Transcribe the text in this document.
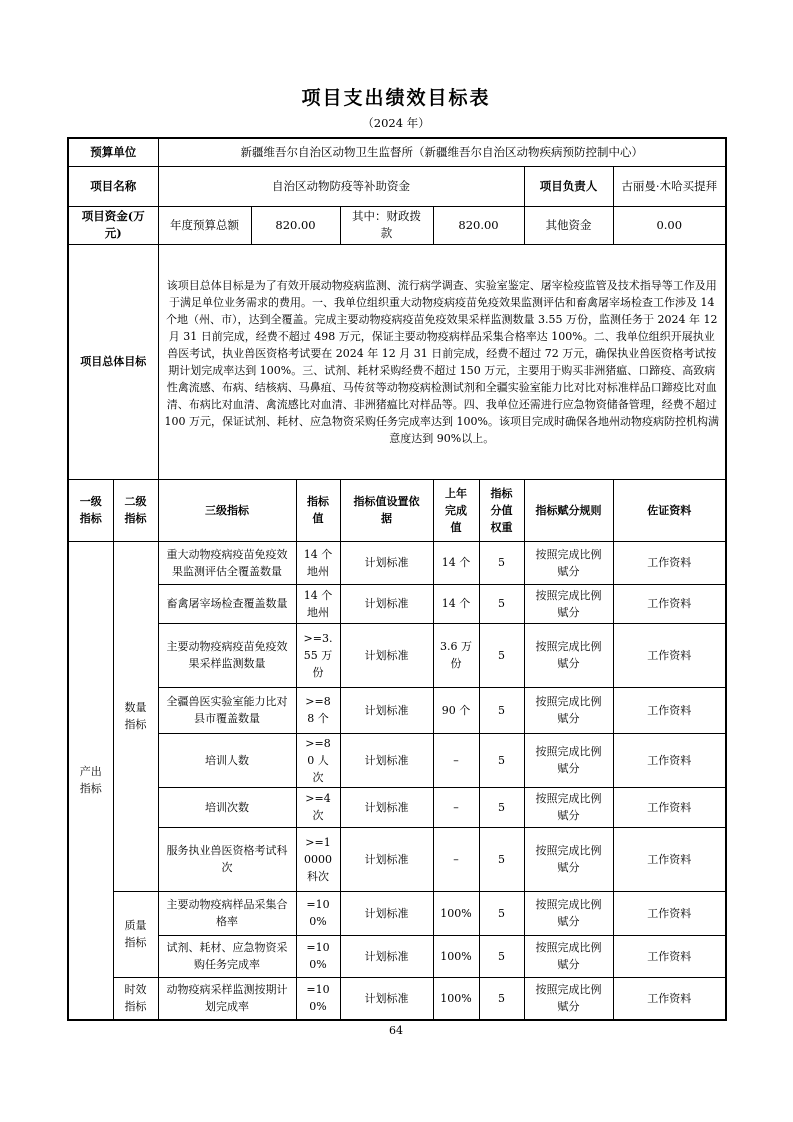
项目支出绩效目标表
（2024 年）
预算单位		新疆维吾尔自治区动物卫生监督所（新疆维吾尔自治区动物疾病预防控制中心）							
项目名称		自治区动物防疫等补助资金						项目负责人	古丽曼·木哈买提拜
项目资金(万元)		年度预算总额	820.00		其中：财政拨款	820.00		其他资金	0.00
项目总体目标		该项目总体目标是为了有效开展动物疫病监测、流行病学调查、实验室鉴定、屠宰检疫监管及技术指导等工作及用于满足单位业务需求的费用。一、我单位组织重大动物疫病疫苗免疫效果监测评估和畜禽屠宰场检查工作涉及 14 个地（州、市），达到全覆盖。完成主要动物疫病疫苗免疫效果采样监测数量 3.55 万份，监测任务于 2024 年 12 月 31 日前完成，经费不超过 498 万元，保证主要动物疫病样品采集合格率达 100%。二、我单位组织开展执业兽医考试，执业兽医资格考试要在 2024 年 12 月 31 日前完成，经费不超过 72 万元，确保执业兽医资格考试按期计划完成率达到 100%。三、试剂、耗材采购经费不超过 150 万元，主要用于购买非洲猪瘟、口蹄疫、高致病性禽流感、布病、结核病、马鼻疽、马传贫等动物疫病检测试剂和全疆实验室能力比对比对标准样品口蹄疫比对血清、布病比对血清、禽流感比对血清、非洲猪瘟比对样品等。四、我单位还需进行应急物资储备管理，经费不超过 100 万元，保证试剂、耗材、应急物资采购任务完成率达到 100%。该项目完成时确保各地州动物疫病防控机构满意度达到 90%以上。							
一级指标	二级指标	三级指标		指标值	指标值设置依据	上年完成值	指标分值权重	指标赋分规则	佐证资料
产出指标	数量指标	重大动物疫病疫苗免疫效果监测评估全覆盖数量		14 个地州	计划标准	14 个	5	按照完成比例赋分	工作资料
		畜禽屠宰场检查覆盖数量		14 个地州	计划标准	14 个	5	按照完成比例赋分	工作资料
		主要动物疫病疫苗免疫效果采样监测数量		>=3.55 万份	计划标准	3.6 万份	5	按照完成比例赋分	工作资料
		全疆兽医实验室能力比对县市覆盖数量		>=88 个	计划标准	90 个	5	按照完成比例赋分	工作资料
		培训人数		>=80 人次	计划标准	–	5	按照完成比例赋分	工作资料
		培训次数		>=4 次	计划标准	–	5	按照完成比例赋分	工作资料
		服务执业兽医资格考试科次		>=10000 科次	计划标准	–	5	按照完成比例赋分	工作资料
	质量指标	主要动物疫病样品采集合格率		=100%	计划标准	100%	5	按照完成比例赋分	工作资料
		试剂、耗材、应急物资采购任务完成率		=100%	计划标准	100%	5	按照完成比例赋分	工作资料
	时效指标	动物疫病采样监测按期计划完成率		=100%	计划标准	100%	5	按照完成比例赋分	工作资料
64
